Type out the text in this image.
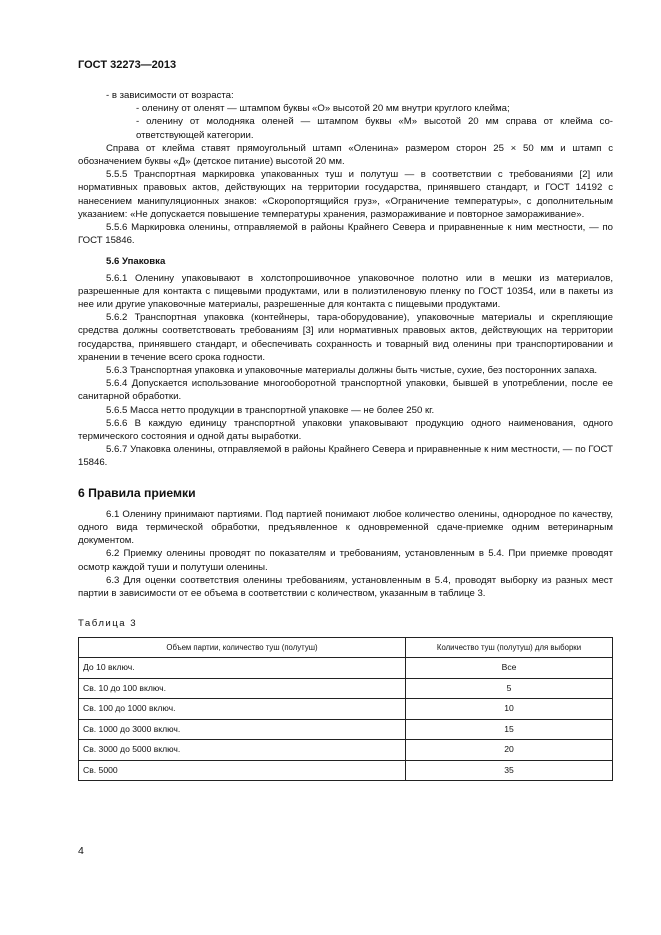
ГОСТ 32273—2013

- в зависимости от возраста:

- оленину от оленят — штампом буквы «О» высотой 20 мм внутри круглого клейма;

- оленину от молодняка оленей — штампом буквы «М» высотой 20 мм справа от клейма со-

ответствующей категории.

Справа от клейма ставят прямоугольный штамп «Оленина» размером сторон 25 × 50 мм и штамп с обозначением буквы «Д» (детское питание) высотой 20 мм.

5.5.5 Транспортная маркировка упакованных туш и полутуш — в соответствии с требованиями [2] или нормативных правовых актов, действующих на территории государства, принявшего стандарт, и ГОСТ 14192 с нанесением манипуляционных знаков: «Скоропортящийся груз», «Ограничение температуры», с дополнительным указанием: «Не допускается повышение температуры хранения, размораживание и повторное замораживание».

5.5.6 Маркировка оленины, отправляемой в районы Крайнего Севера и приравненные к ним местности, — по ГОСТ 15846.

5.6 Упаковка

5.6.1 Оленину упаковывают в холстопрошивочное упаковочное полотно или в мешки из материалов, разрешенные для контакта с пищевыми продуктами, или в полиэтиленовую пленку по ГОСТ 10354, или в пакеты из нее или другие упаковочные материалы, разрешенные для контакта с пищевыми продуктами.

5.6.2 Транспортная упаковка (контейнеры, тара-оборудование), упаковочные материалы и скрепляющие средства должны соответствовать требованиям [3] или нормативных правовых актов, действующих на территории государства, принявшего стандарт, и обеспечивать сохранность и товарный вид оленины при транспортировании и хранении в течение всего срока годности.

5.6.3 Транспортная упаковка и упаковочные материалы должны быть чистые, сухие, без посторонних запаха.

5.6.4 Допускается использование многооборотной транспортной упаковки, бывшей в употреблении, после ее санитарной обработки.

5.6.5 Масса нетто продукции в транспортной упаковке — не более 250 кг.

5.6.6 В каждую единицу транспортной упаковки упаковывают продукцию одного наименования, одного термического состояния и одной даты выработки.

5.6.7 Упаковка оленины, отправляемой в районы Крайнего Севера и приравненные к ним местности, — по ГОСТ 15846.

6 Правила приемки

6.1 Оленину принимают партиями. Под партией понимают любое количество оленины, однородное по качеству, одного вида термической обработки, предъявленное к одновременной сдаче-приемке одним ветеринарным документом.

6.2 Приемку оленины проводят по показателям и требованиям, установленным в 5.4. При приемке проводят осмотр каждой туши и полутуши оленины.

6.3 Для оценки соответствия оленины требованиям, установленным в 5.4, проводят выборку из разных мест партии в зависимости от ее объема в соответствии с количеством, указанным в таблице 3.

Таблица 3

Объем партии, количество туш (полутуш)	Количество туш (полутуш) для выборки
До 10 включ.	Все
Св. 10 до 100 включ.	5
Св. 100 до 1000 включ.	10
Св. 1000 до 3000 включ.	15
Св. 3000 до 5000 включ.	20
Св. 5000	35
4
